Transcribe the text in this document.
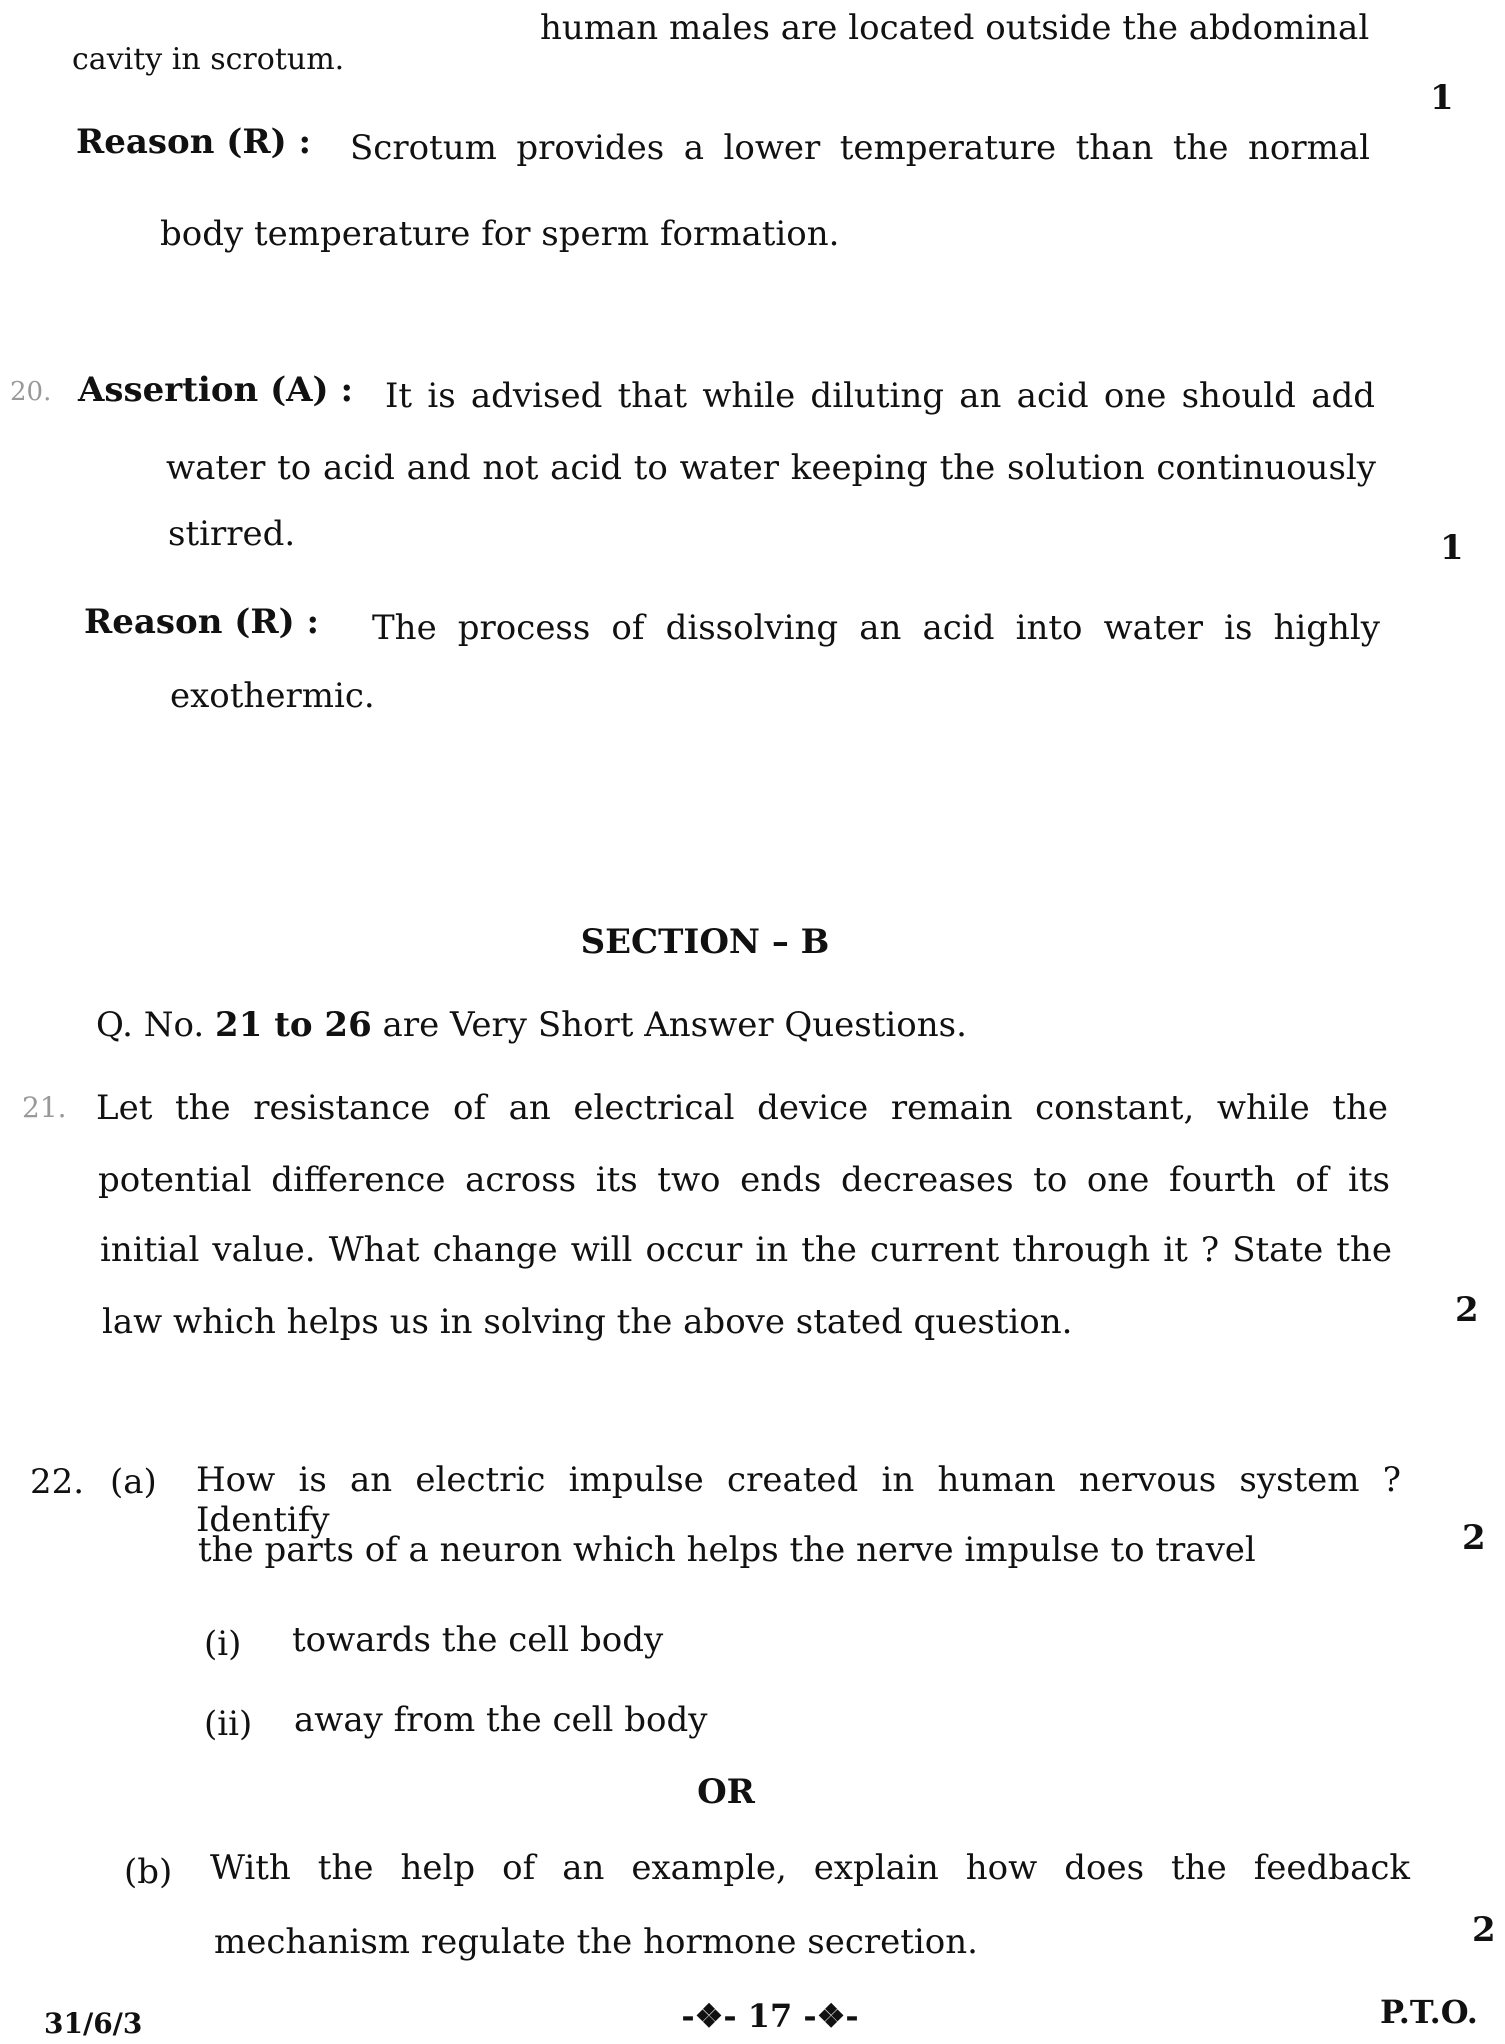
human males are located outside the abdominal
cavity in scrotum.
1
Reason (R) : Scrotum provides a lower temperature than the normal
body temperature for sperm formation.
20. Assertion (A) : It is advised that while diluting an acid one should add
water to acid and not acid to water keeping the solution continuously
stirred.	1
Reason (R) : The process of dissolving an acid into water is highly
exothermic.
SECTION – B
Q. No. 21 to 26 are Very Short Answer Questions.
21. Let the resistance of an electrical device remain constant, while the
potential difference across its two ends decreases to one fourth of its
initial value. What change will occur in the current through it ? State the
law which helps us in solving the above stated question.	2
22. (a) How is an electric impulse created in human nervous system ? Identify
the parts of a neuron which helps the nerve impulse to travel	2
(i) towards the cell body
(ii) away from the cell body
OR
(b) With the help of an example, explain how does the feedback
mechanism regulate the hormone secretion.	2
31/6/3	-❖- 17 -❖-	P.T.O.
